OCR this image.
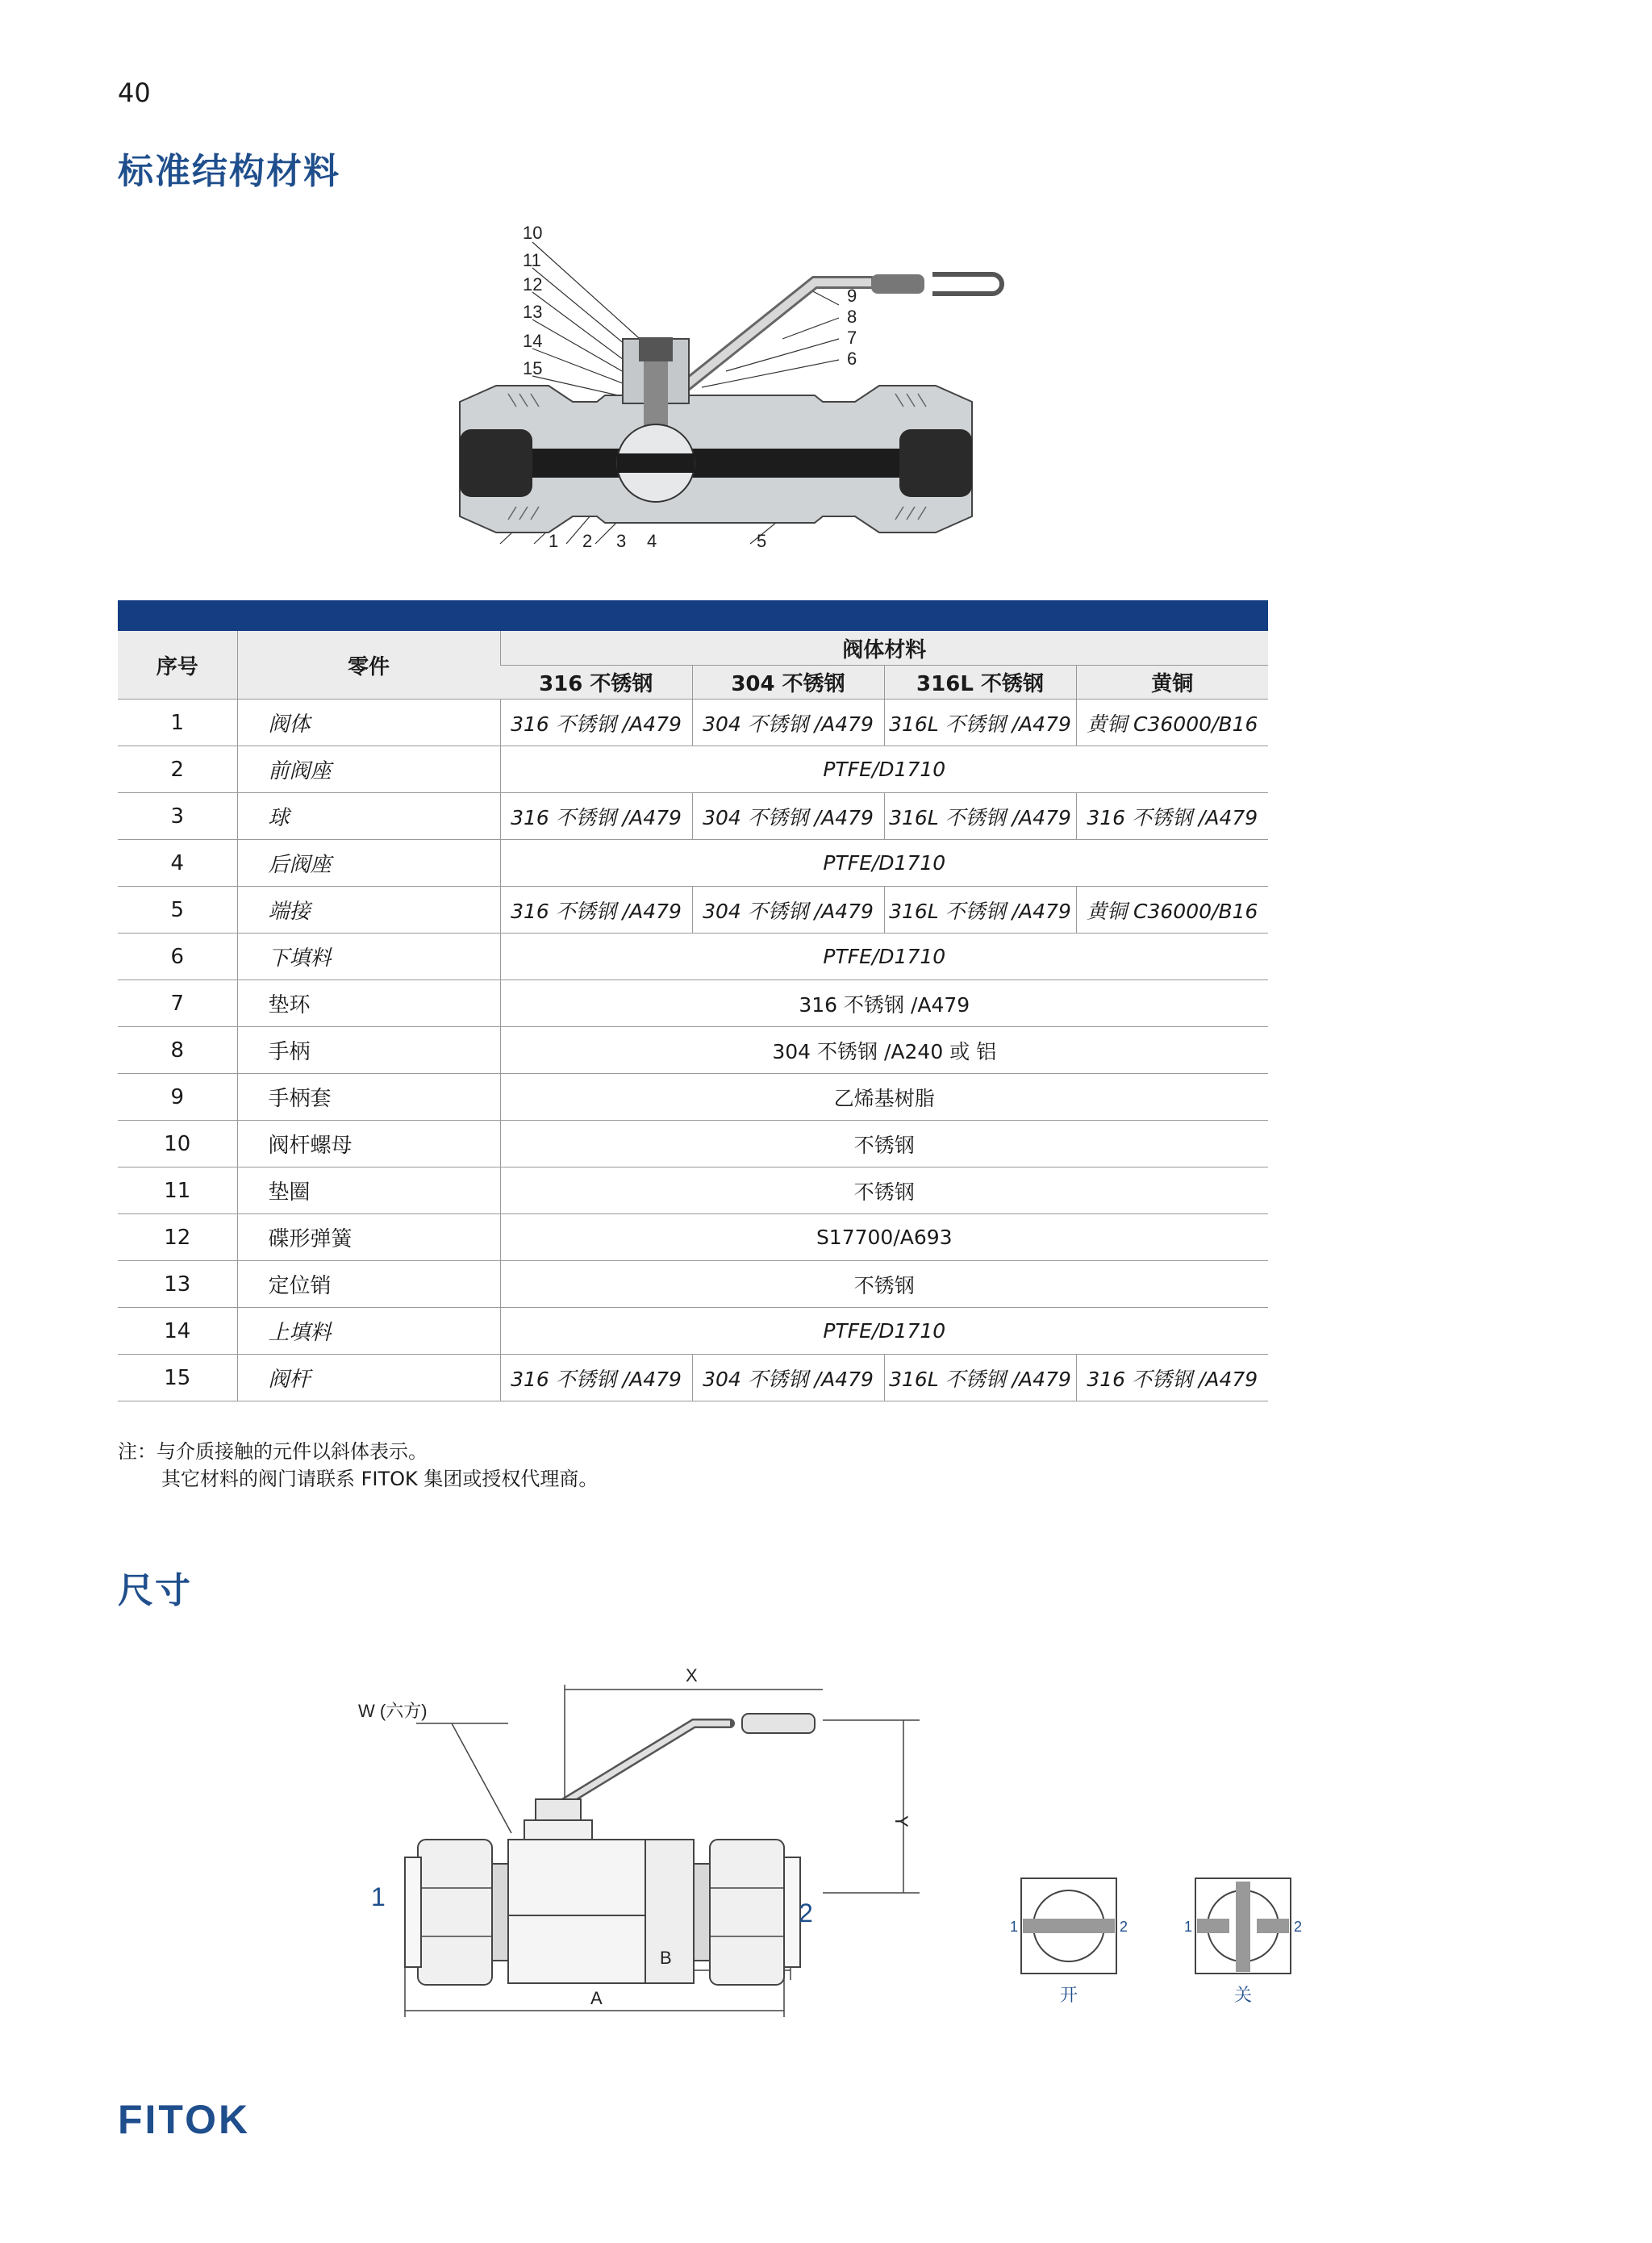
40
标准结构材料
10
11
12
13
14
15
9
8
7
6
1 2 3 4	5
序号	零件	阀体材料			
		316 不锈钢	304 不锈钢	316L 不锈钢	黄铜
1	阀体	316 不锈钢 /A479	304 不锈钢 /A479	316L 不锈钢 /A479	黄铜 C36000/B16
2	前阀座	PTFE/D1710			
3	球	316 不锈钢 /A479	304 不锈钢 /A479	316L 不锈钢 /A479	316 不锈钢 /A479
4	后阀座	PTFE/D1710			
5	端接	316 不锈钢 /A479	304 不锈钢 /A479	316L 不锈钢 /A479	黄铜 C36000/B16
6	下填料	PTFE/D1710			
7	垫环	316 不锈钢 /A479			
8	手柄	304 不锈钢 /A240 或 铝			
9	手柄套	乙烯基树脂			
10	阀杆螺母	不锈钢			
11	垫圈	不锈钢			
12	碟形弹簧	S17700/A693			
13	定位销	不锈钢			
14	上填料	PTFE/D1710			
15	阀杆	316 不锈钢 /A479	304 不锈钢 /A479	316L 不锈钢 /A479	316 不锈钢 /A479
注：与介质接触的元件以斜体表示。
其它材料的阀门请联系 FITOK 集团或授权代理商。
尺寸
X
Y
B
A
W (六方)
1
2	1	2
开
1	2
关
FITOK
